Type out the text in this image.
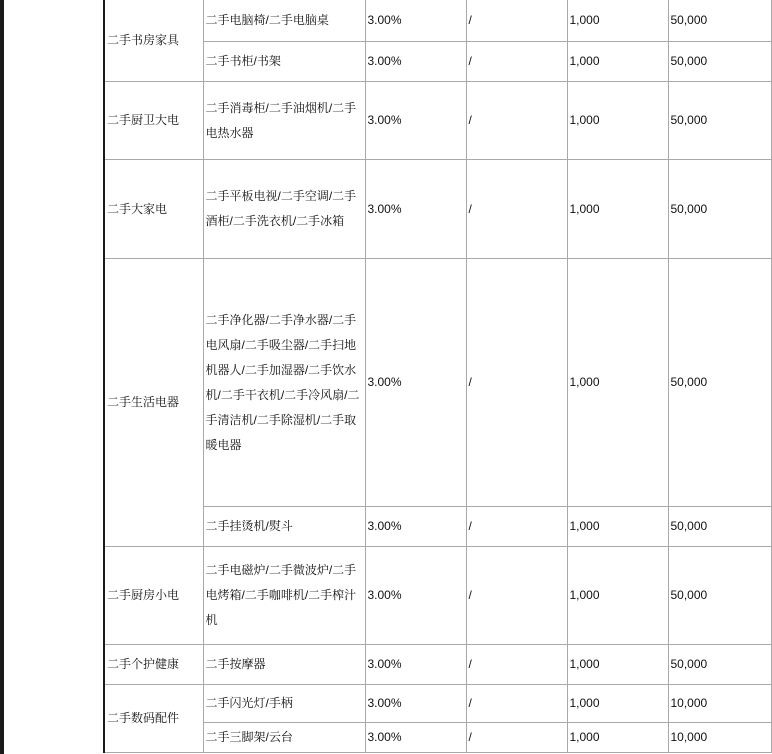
二手书房家具	二手电脑椅/二手电脑桌	3.00%	/	1,000	50,000
	二手书柜/书架	3.00%	/	1,000	50,000
二手厨卫大电	二手消毒柜/二手油烟机/二手电热水器	3.00%	/	1,000	50,000
二手大家电	二手平板电视/二手空调/二手酒柜/二手洗衣机/二手冰箱	3.00%	/	1,000	50,000
二手生活电器	二手净化器/二手净水器/二手电风扇/二手吸尘器/二手扫地机器人/二手加湿器/二手饮水机/二手干衣机/二手冷风扇/二手清洁机/二手除湿机/二手取暖电器	3.00%	/	1,000	50,000
	二手挂烫机/熨斗	3.00%	/	1,000	50,000
二手厨房小电	二手电磁炉/二手微波炉/二手电烤箱/二手咖啡机/二手榨汁机	3.00%	/	1,000	50,000
二手个护健康	二手按摩器	3.00%	/	1,000	50,000
二手数码配件	二手闪光灯/手柄	3.00%	/	1,000	10,000
	二手三脚架/云台	3.00%	/	1,000	10,000
